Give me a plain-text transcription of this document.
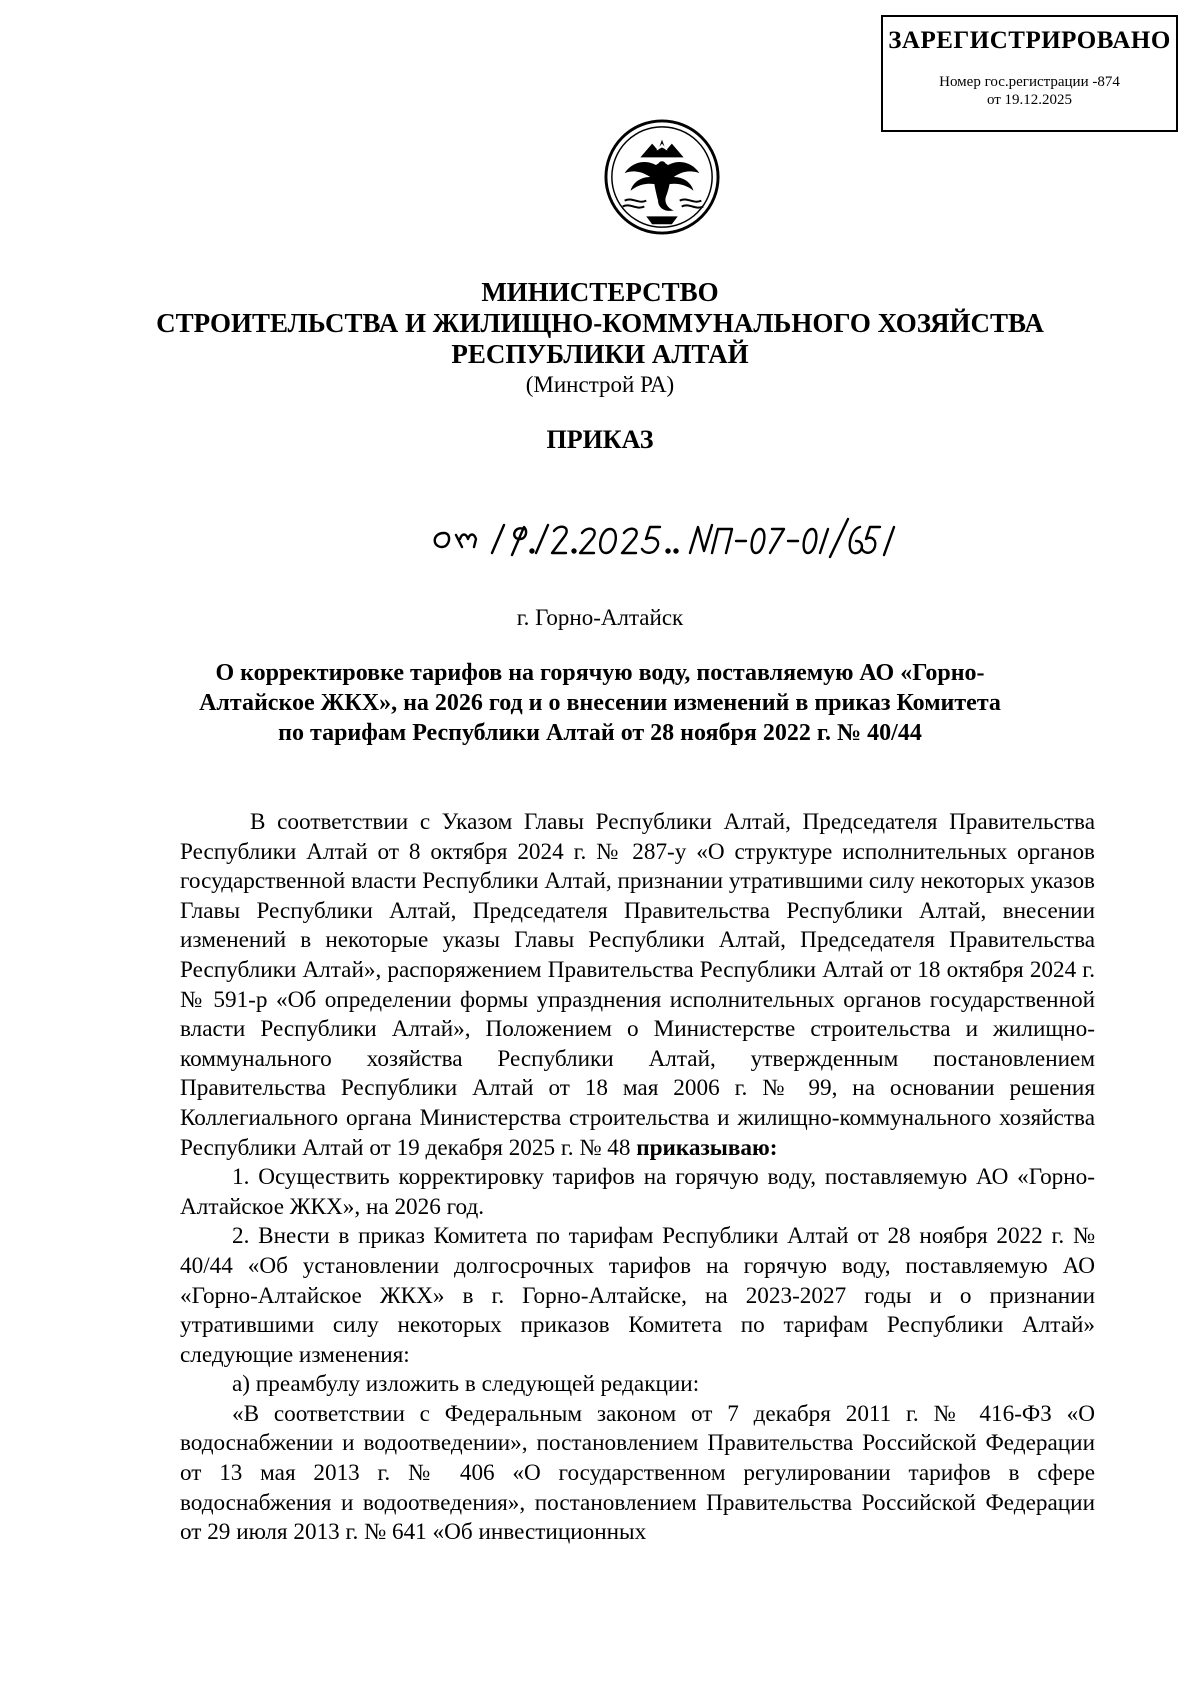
ЗАРЕГИСТРИРОВАНО
Номер гос.регистрации -874
от 19.12.2025
МИНИСТЕРСТВО
СТРОИТЕЛЬСТВА И ЖИЛИЩНО-КОММУНАЛЬНОГО ХОЗЯЙСТВА
РЕСПУБЛИКИ АЛТАЙ
(Минстрой РА)
ПРИКАЗ
г. Горно-Алтайск
О корректировке тарифов на горячую воду, поставляемую АО «Горно-
Алтайское ЖКХ», на 2026 год и о внесении изменений в приказ Комитета
по тарифам Республики Алтай от 28 ноября 2022 г. № 40/44

В соответствии с Указом Главы Республики Алтай, Председателя Правительства Республики Алтай от 8 октября 2024 г. № 287-у «О структуре исполнительных органов государственной власти Республики Алтай, признании утратившими силу некоторых указов Главы Республики Алтай, Председателя Правительства Республики Алтай, внесении изменений в некоторые указы Главы Республики Алтай, Председателя Правительства Республики Алтай», распоряжением Правительства Республики Алтай от 18 октября 2024 г. № 591-р «Об определении формы упразднения исполнительных органов государственной власти Республики Алтай», Положением о Министерстве строительства и жилищно-коммунального хозяйства Республики Алтай, утвержденным постановлением Правительства Республики Алтай от 18 мая 2006 г. № 99, на основании решения Коллегиального органа Министерства строительства и жилищно-коммунального хозяйства Республики Алтай от 19 декабря 2025 г. № 48 приказываю:

1. Осуществить корректировку тарифов на горячую воду, поставляемую АО «Горно-Алтайское ЖКХ», на 2026 год.

2. Внести в приказ Комитета по тарифам Республики Алтай от 28 ноября 2022 г. № 40/44 «Об установлении долгосрочных тарифов на горячую воду, поставляемую АО «Горно-Алтайское ЖКХ» в г. Горно-Алтайске, на 2023-2027 годы и о признании утратившими силу некоторых приказов Комитета по тарифам Республики Алтай» следующие изменения:

а) преамбулу изложить в следующей редакции:

«В соответствии с Федеральным законом от 7 декабря 2011 г. № 416-ФЗ «О водоснабжении и водоотведении», постановлением Правительства Российской Федерации от 13 мая 2013 г. № 406 «О государственном регулировании тарифов в сфере водоснабжения и водоотведения», постановлением Правительства Российской Федерации от 29 июля 2013 г. № 641 «Об инвестиционных
